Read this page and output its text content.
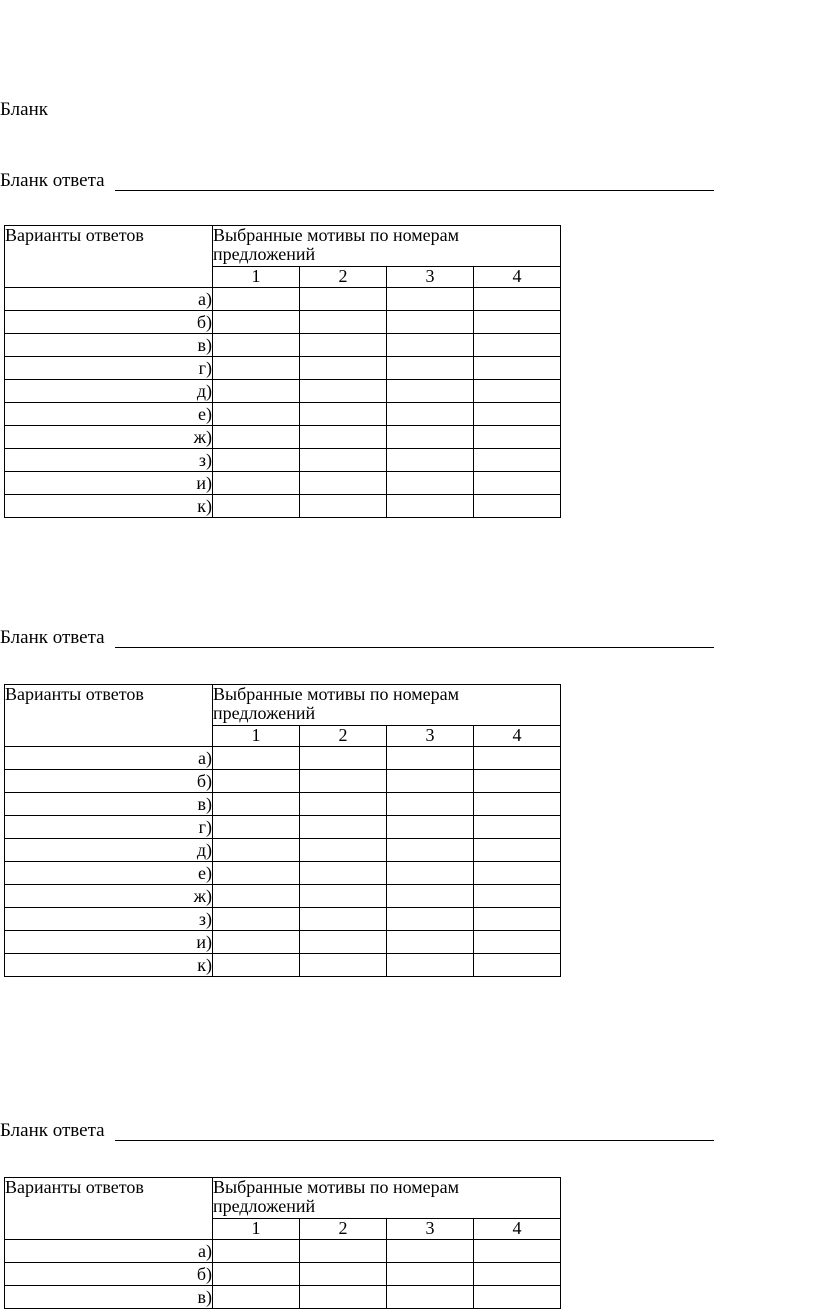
Бланк
Бланк ответа
Варианты ответов	Выбранные мотивы по номерам предложений			
	1	2	3	4
а)				
б)				
в)				
г)				
д)				
е)				
ж)				
з)				
и)				
к)				
Бланк ответа
Варианты ответов	Выбранные мотивы по номерам предложений			
	1	2	3	4
а)				
б)				
в)				
г)				
д)				
е)				
ж)				
з)				
и)				
к)				
Бланк ответа
Варианты ответов	Выбранные мотивы по номерам предложений			
	1	2	3	4
а)				
б)				
в)				
